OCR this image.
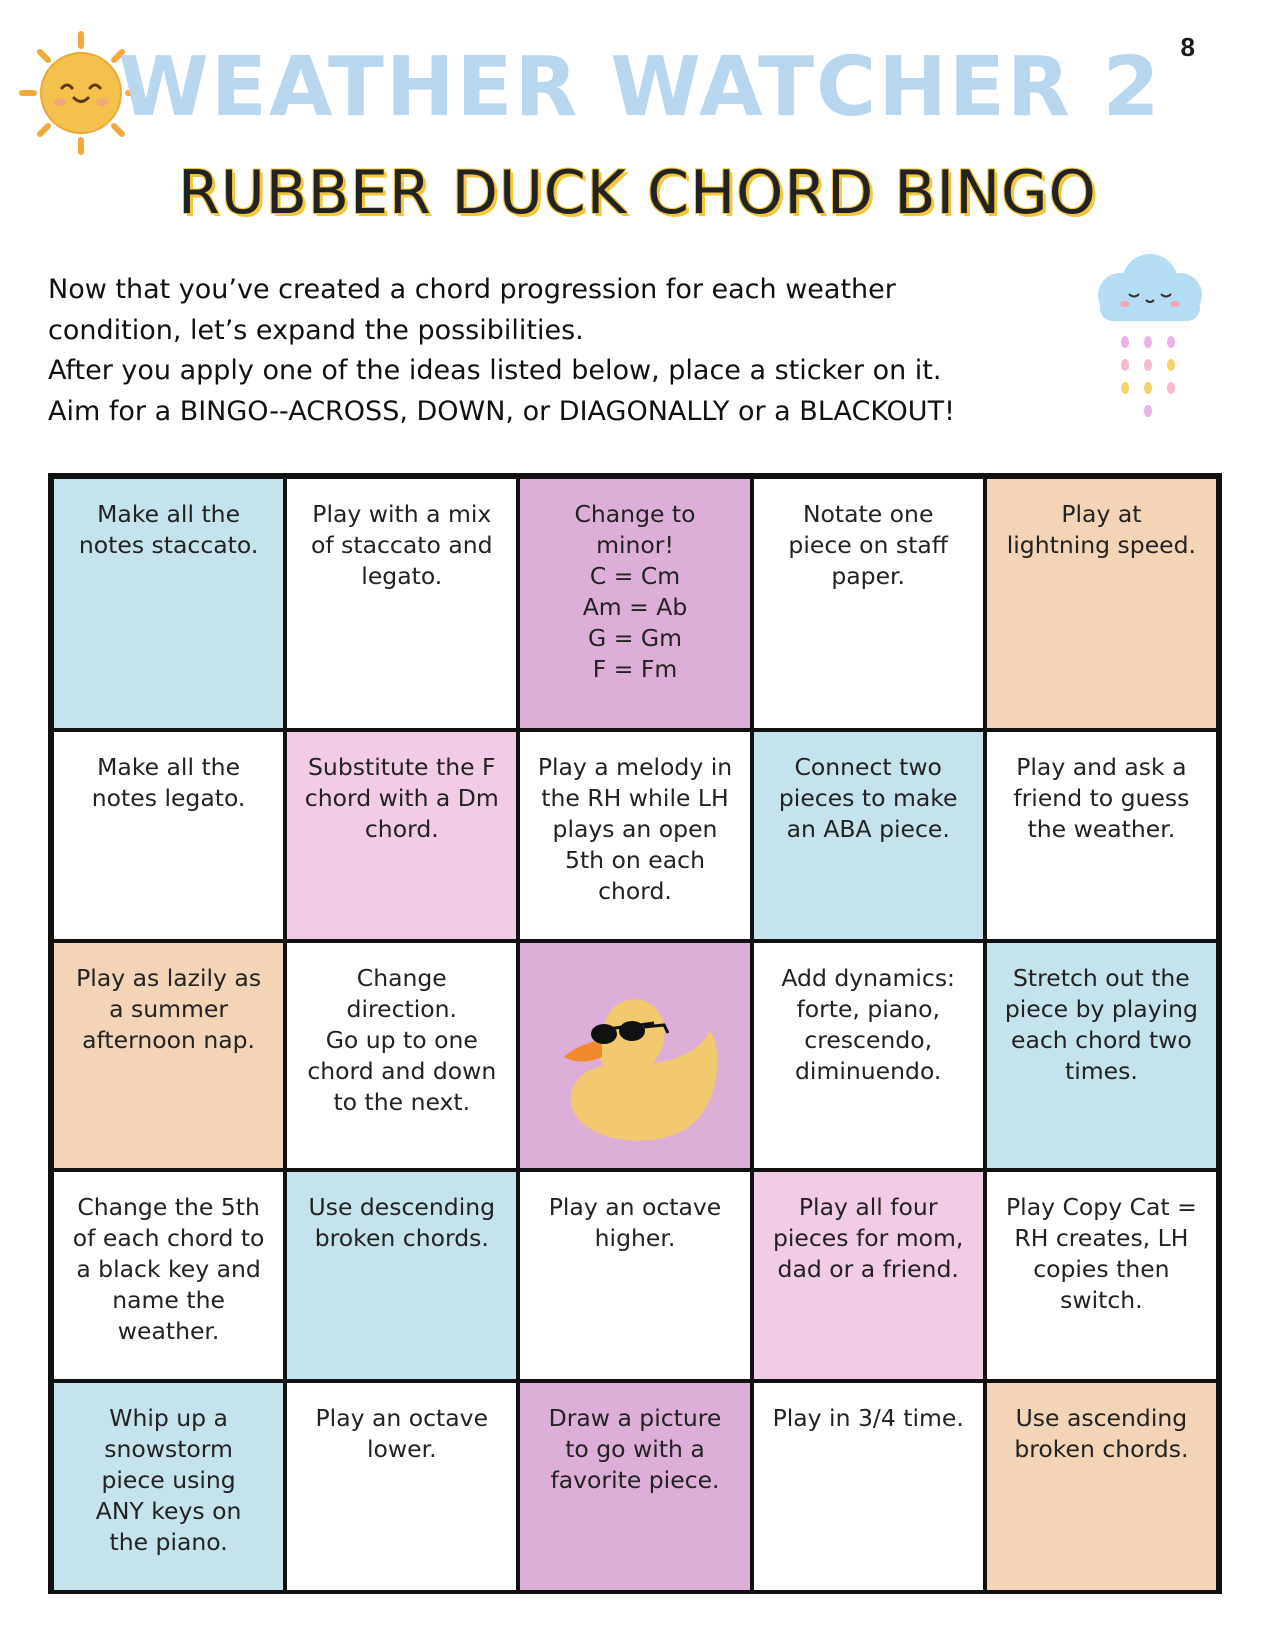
8
WEATHER WATCHER 2
RUBBER DUCK CHORD BINGO
Now that you’ve created a chord progression for each weather
condition, let’s expand the possibilities.
After you apply one of the ideas listed below, place a sticker on it.
Aim for a BINGO--ACROSS, DOWN, or DIAGONALLY or a BLACKOUT!
Make all the
notes staccato.
Play with a mix
of staccato and
legato.
Change to
minor!
C = Cm
Am = Ab
G = Gm
F = Fm
Notate one
piece on staff
paper.
Play at
lightning speed.
Make all the
notes legato.
Substitute the F
chord with a Dm
chord.
Play a melody in
the RH while LH
plays an open
5th on each
chord.
Connect two
pieces to make
an ABA piece.
Play and ask a
friend to guess
the weather.
Play as lazily as
a summer
afternoon nap.
Change
direction.
Go up to one
chord and down
to the next.
Add dynamics:
forte, piano,
crescendo,
diminuendo.
Stretch out the
piece by playing
each chord two
times.
Change the 5th
of each chord to
a black key and
name the
weather.
Use descending
broken chords.
Play an octave
higher.
Play all four
pieces for mom,
dad or a friend.
Play Copy Cat =
RH creates, LH
copies then
switch.
Whip up a
snowstorm
piece using
ANY keys on
the piano.
Play an octave
lower.
Draw a picture
to go with a
favorite piece.
Play in 3/4 time.	Use ascending
broken chords.
